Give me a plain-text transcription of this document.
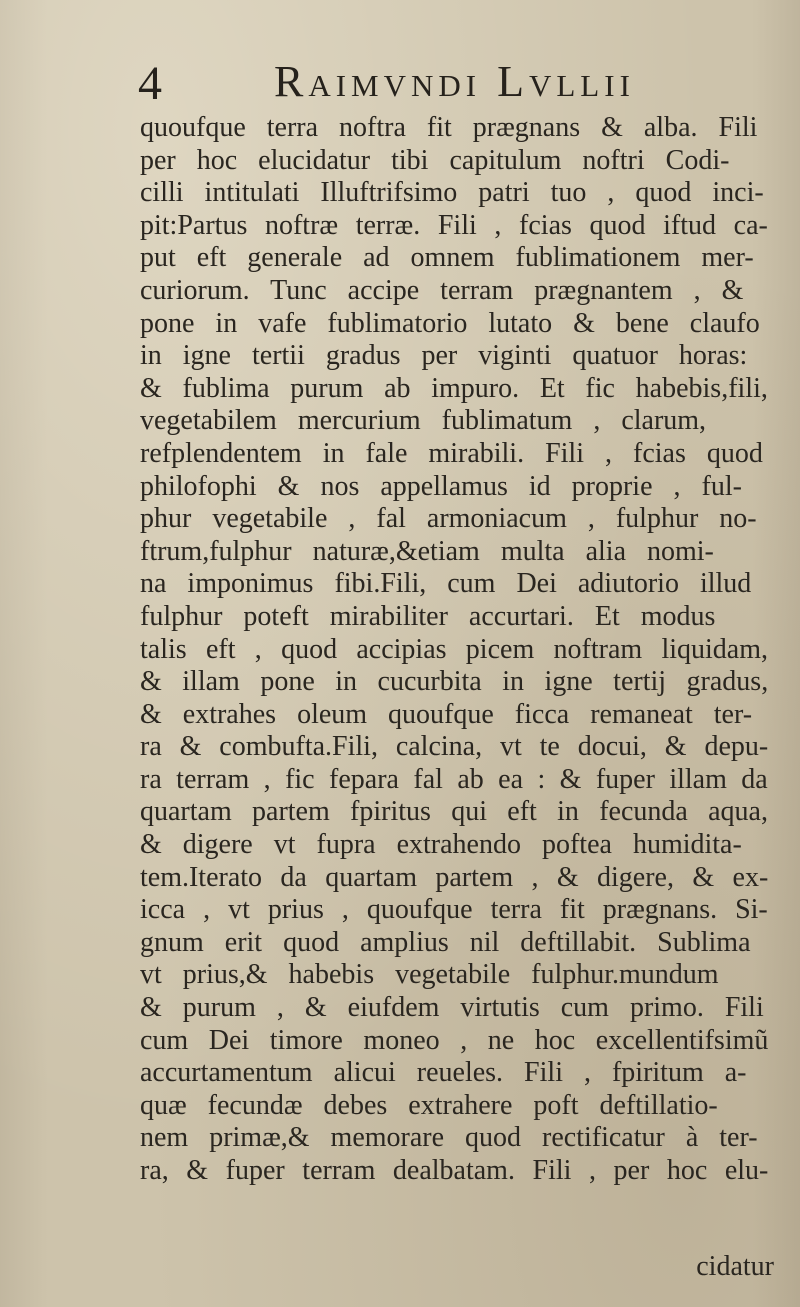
4	Raimvndi Lvllii
quoufque terra noftra fit prægnans & alba. Fili
per hoc elucidatur tibi capitulum noftri Codi-
cilli intitulati Illuftrifsimo patri tuo , quod inci-
pit:Partus noftræ terræ. Fili , fcias quod iftud ca-
put eft generale ad omnem fublimationem mer-
curiorum. Tunc accipe terram prægnantem , &
pone in vafe fublimatorio lutato & bene claufo
in igne tertii gradus per viginti quatuor horas:
& fublima purum ab impuro. Et fic habebis,fili,
vegetabilem mercurium fublimatum , clarum,
refplendentem in fale mirabili. Fili , fcias quod
philofophi & nos appellamus id proprie , ful-
phur vegetabile , fal armoniacum , fulphur no-
ftrum,fulphur naturæ,&etiam multa alia nomi-
na imponimus fibi.Fili, cum Dei adiutorio illud
fulphur poteft mirabiliter accurtari. Et modus
talis eft , quod accipias picem noftram liquidam,
& illam pone in cucurbita in igne tertij gradus,
& extrahes oleum quoufque ficca remaneat ter-
ra & combufta.Fili, calcina, vt te docui, & depu-
ra terram , fic fepara fal ab ea : & fuper illam da
quartam partem fpiritus qui eft in fecunda aqua,
& digere vt fupra extrahendo poftea humidita-
tem.Iterato da quartam partem , & digere, & ex-
icca , vt prius , quoufque terra fit prægnans. Si-
gnum erit quod amplius nil deftillabit. Sublima
vt prius,& habebis vegetabile fulphur.mundum
& purum , & eiufdem virtutis cum primo. Fili
cum Dei timore moneo , ne hoc excellentifsimũ
accurtamentum alicui reueles. Fili , fpiritum a-
quæ fecundæ debes extrahere poft deftillatio-
nem primæ,& memorare quod rectificatur à ter-
ra, & fuper terram dealbatam. Fili , per hoc elu-
cidatur
